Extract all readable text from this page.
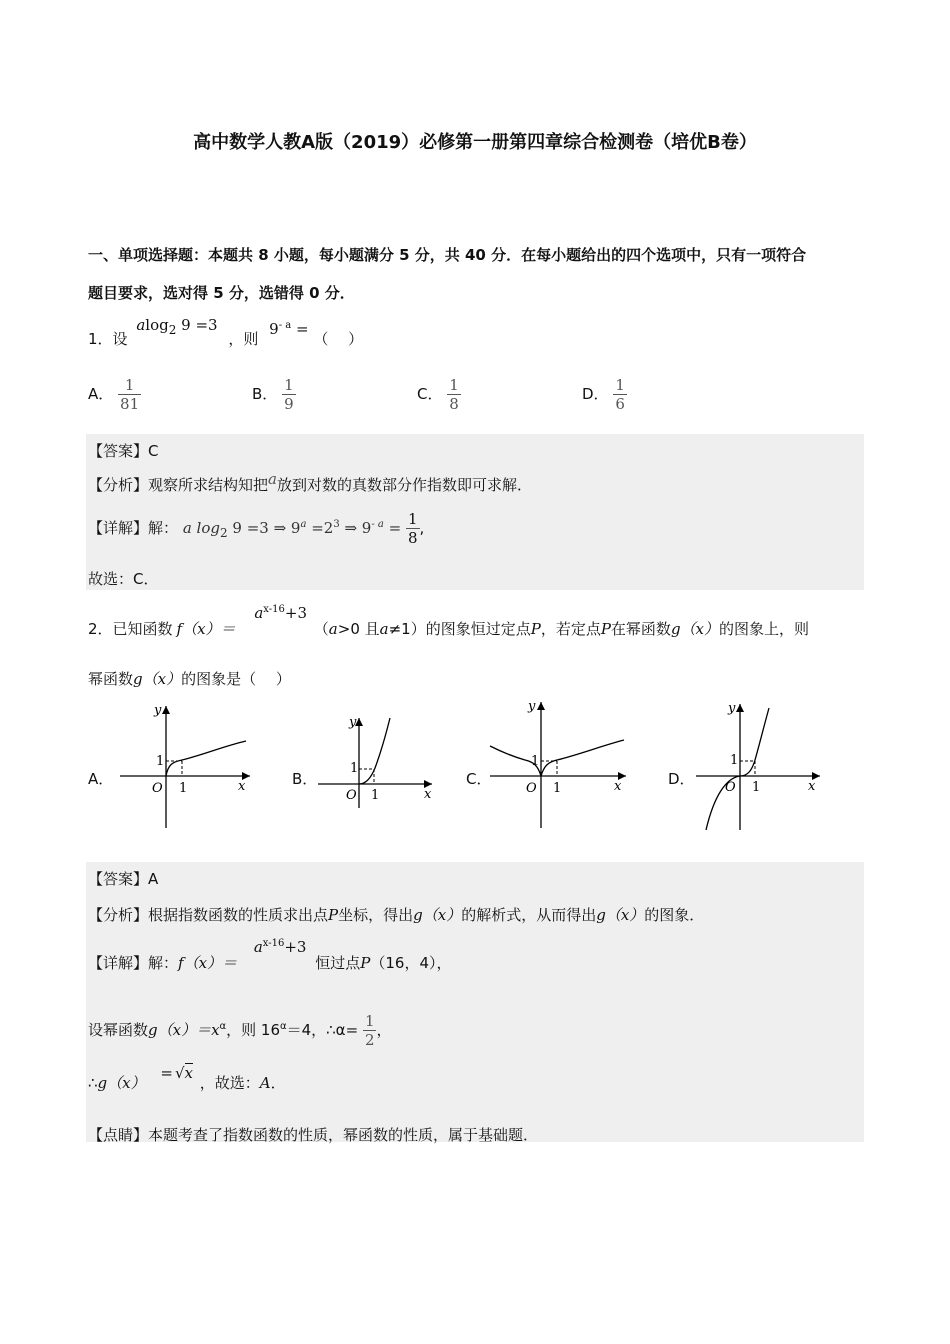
高中数学人教A版（2019）必修第一册第四章综合检测卷（培优B卷）
一、单项选择题：本题共 8 小题，每小题满分 5 分，共 40 分．在每小题给出的四个选项中，只有一项符合
题目要求，选对得 5 分，选错得 0 分．
1．设 alog$_2$ 9 =3 ，则 $9^{- a}$ = （　 ）
A． $\frac{1}{81}$	B． $\frac{1}{9}$	C． $\frac{1}{8}$	D． $\frac{1}{6}$
【答案】C
【分析】观察所求结构知把a放到对数的真数部分作指数即可求解．
【详解】解： a $\log_2 9 =3$ ⇒ $9^a =2^3$ ⇒ $9^{- a} = \frac{1}{8}$ ,
故选：C．
2．已知函数 $f(x)= a^{x-16}+3$ （a>0 且a≠1）的图象恒过定点P，若定点P在幂函数g（x）的图象上，则
幂函数g（x）的图象是（　 ）
A．
y
x
O 1
1
B．
y
x
O 1
1
C．
y
x
O 1
1
D．
y
x
O 1
1
【答案】A
【分析】根据指数函数的性质求出点P坐标，得出g（x）的解析式，从而得出g（x）的图象．
【详解】解：$f(x)= a^{x-16}+3$ 恒过点P（16，4），
设幂函数$g(x)=x^\alpha$，则 $16^\alpha=4$，∴α= $\frac{1}{2}$ ，
∴g（x） = √x ，故选：A．
【点睛】本题考查了指数函数的性质，幂函数的性质，属于基础题．
